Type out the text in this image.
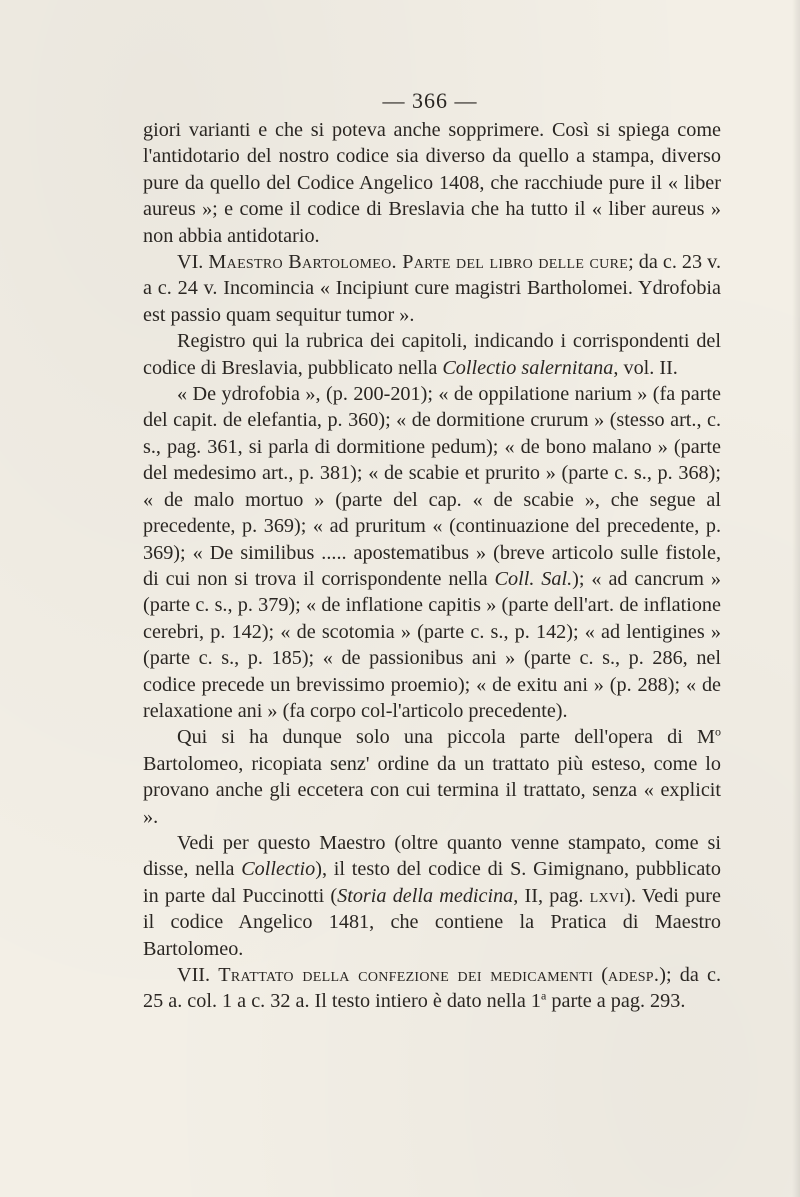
— 366 —

giori varianti e che si poteva anche sopprimere. Così si spiega come l'antidotario del nostro codice sia diverso da quello a stampa, diverso pure da quello del Codice Angelico 1408, che racchiude pure il « liber aureus »; e come il codice di Breslavia che ha tutto il « liber aureus » non abbia antidotario.

VI. Maestro Bartolomeo. Parte del libro delle cure; da c. 23 v. a c. 24 v. Incomincia « Incipiunt cure magistri Bartholomei. Ydrofobia est passio quam sequitur tumor ».

Registro qui la rubrica dei capitoli, indicando i corrispondenti del codice di Breslavia, pubblicato nella Collectio salernitana, vol. II.

« De ydrofobia », (p. 200-201); « de oppilatione narium » (fa parte del capit. de elefantia, p. 360); « de dormitione crurum » (stesso art., c. s., pag. 361, si parla di dormitione pedum); « de bono malano » (parte del medesimo art., p. 381); « de scabie et prurito » (parte c. s., p. 368); « de malo mortuo » (parte del cap. « de scabie », che segue al precedente, p. 369); « ad pruritum « (continuazione del precedente, p. 369); « De similibus ..... apostematibus » (breve articolo sulle fistole, di cui non si trova il corrispondente nella Coll. Sal.); « ad cancrum » (parte c. s., p. 379); « de inflatione capitis » (parte dell'art. de inflatione cerebri, p. 142); « de scotomia » (parte c. s., p. 142); « ad lentigines » (parte c. s., p. 185); « de passionibus ani » (parte c. s., p. 286, nel codice precede un brevissimo proemio); « de exitu ani » (p. 288); « de relaxatione ani » (fa corpo col-l'articolo precedente).

Qui si ha dunque solo una piccola parte dell'opera di $M^o$ Bartolomeo, ricopiata senz' ordine da un trattato più esteso, come lo provano anche gli eccetera con cui termina il trattato, senza « explicit ».

Vedi per questo Maestro (oltre quanto venne stampato, come si disse, nella Collectio), il testo del codice di S. Gimignano, pubblicato in parte dal Puccinotti (Storia della medicina, II, pag. lxvi). Vedi pure il codice Angelico 1481, che contiene la Pratica di Maestro Bartolomeo.

VII. Trattato della confezione dei medicamenti (adesp.); da c. 25 a. col. 1 a c. 32 a. Il testo intiero è dato nella 1$^a$ parte a pag. 293.
